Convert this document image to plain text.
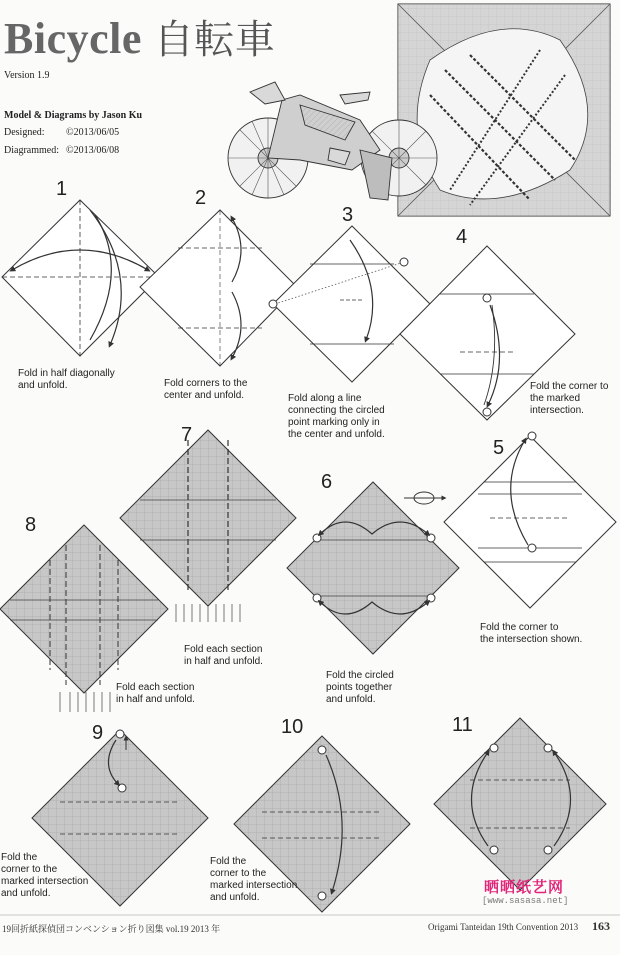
Bicycle 自転車
Version 1.9
Model & Diagrams by Jason Ku
Designed: ©2013/06/05
Diagrammed: ©2013/06/08
1	2
3
4
5
6
7
8
9	10	11
Fold in half diagonally
and unfold.	Fold corners to the
center and unfold.	Fold along a line
connecting the circled
point marking only in
the center and unfold.
Fold the corner to
the marked
intersection.
Fold the corner to
the intersection shown.
Fold the circled
points together
and unfold.
Fold each section
in half and unfold.
Fold each section
in half and unfold.
Fold the
corner to the
marked intersection
and unfold.
Fold the
corner to the
marked intersection
and unfold.
晒晒纸艺网
[www.sasasa.net]
19回折紙探偵団コンベンション折り図集 vol.19 2013 年	Origami Tanteidan 19th Convention 2013 163
